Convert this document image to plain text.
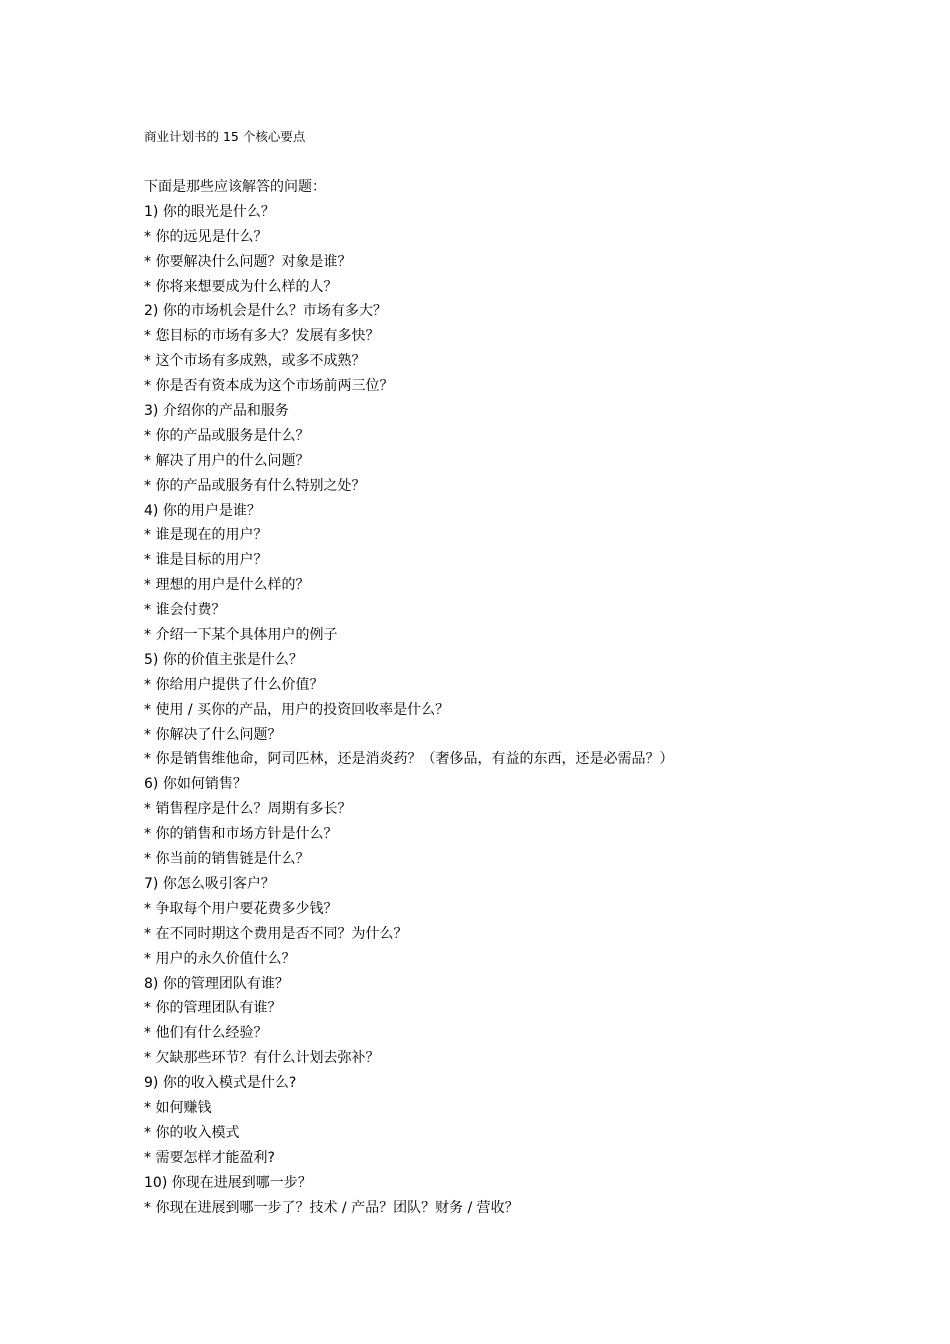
商业计划书的 15 个核心要点
下面是那些应该解答的问题：
1) 你的眼光是什么？
* 你的远见是什么？
* 你要解决什么问题？对象是谁？
* 你将来想要成为什么样的人？
2) 你的市场机会是什么？市场有多大？
* 您目标的市场有多大？发展有多快？
* 这个市场有多成熟，或多不成熟？
* 你是否有资本成为这个市场前两三位？
3) 介绍你的产品和服务
* 你的产品或服务是什么？
* 解决了用户的什么问题？
* 你的产品或服务有什么特别之处？
4) 你的用户是谁？
* 谁是现在的用户？
* 谁是目标的用户？
* 理想的用户是什么样的？
* 谁会付费？
* 介绍一下某个具体用户的例子
5) 你的价值主张是什么？
* 你给用户提供了什么价值？
* 使用 / 买你的产品，用户的投资回收率是什么？
* 你解决了什么问题？
* 你是销售维他命，阿司匹林，还是消炎药？（奢侈品，有益的东西，还是必需品？）
6) 你如何销售？
* 销售程序是什么？周期有多长？
* 你的销售和市场方针是什么？
* 你当前的销售链是什么？
7) 你怎么吸引客户？
* 争取每个用户要花费多少钱？
* 在不同时期这个费用是否不同？为什么？
* 用户的永久价值什么？
8) 你的管理团队有谁？
* 你的管理团队有谁？
* 他们有什么经验？
* 欠缺那些环节？有什么计划去弥补？
9) 你的收入模式是什么?
* 如何赚钱
* 你的收入模式
* 需要怎样才能盈利?
10) 你现在进展到哪一步？
* 你现在进展到哪一步了？技术 / 产品？团队？财务 / 营收？
